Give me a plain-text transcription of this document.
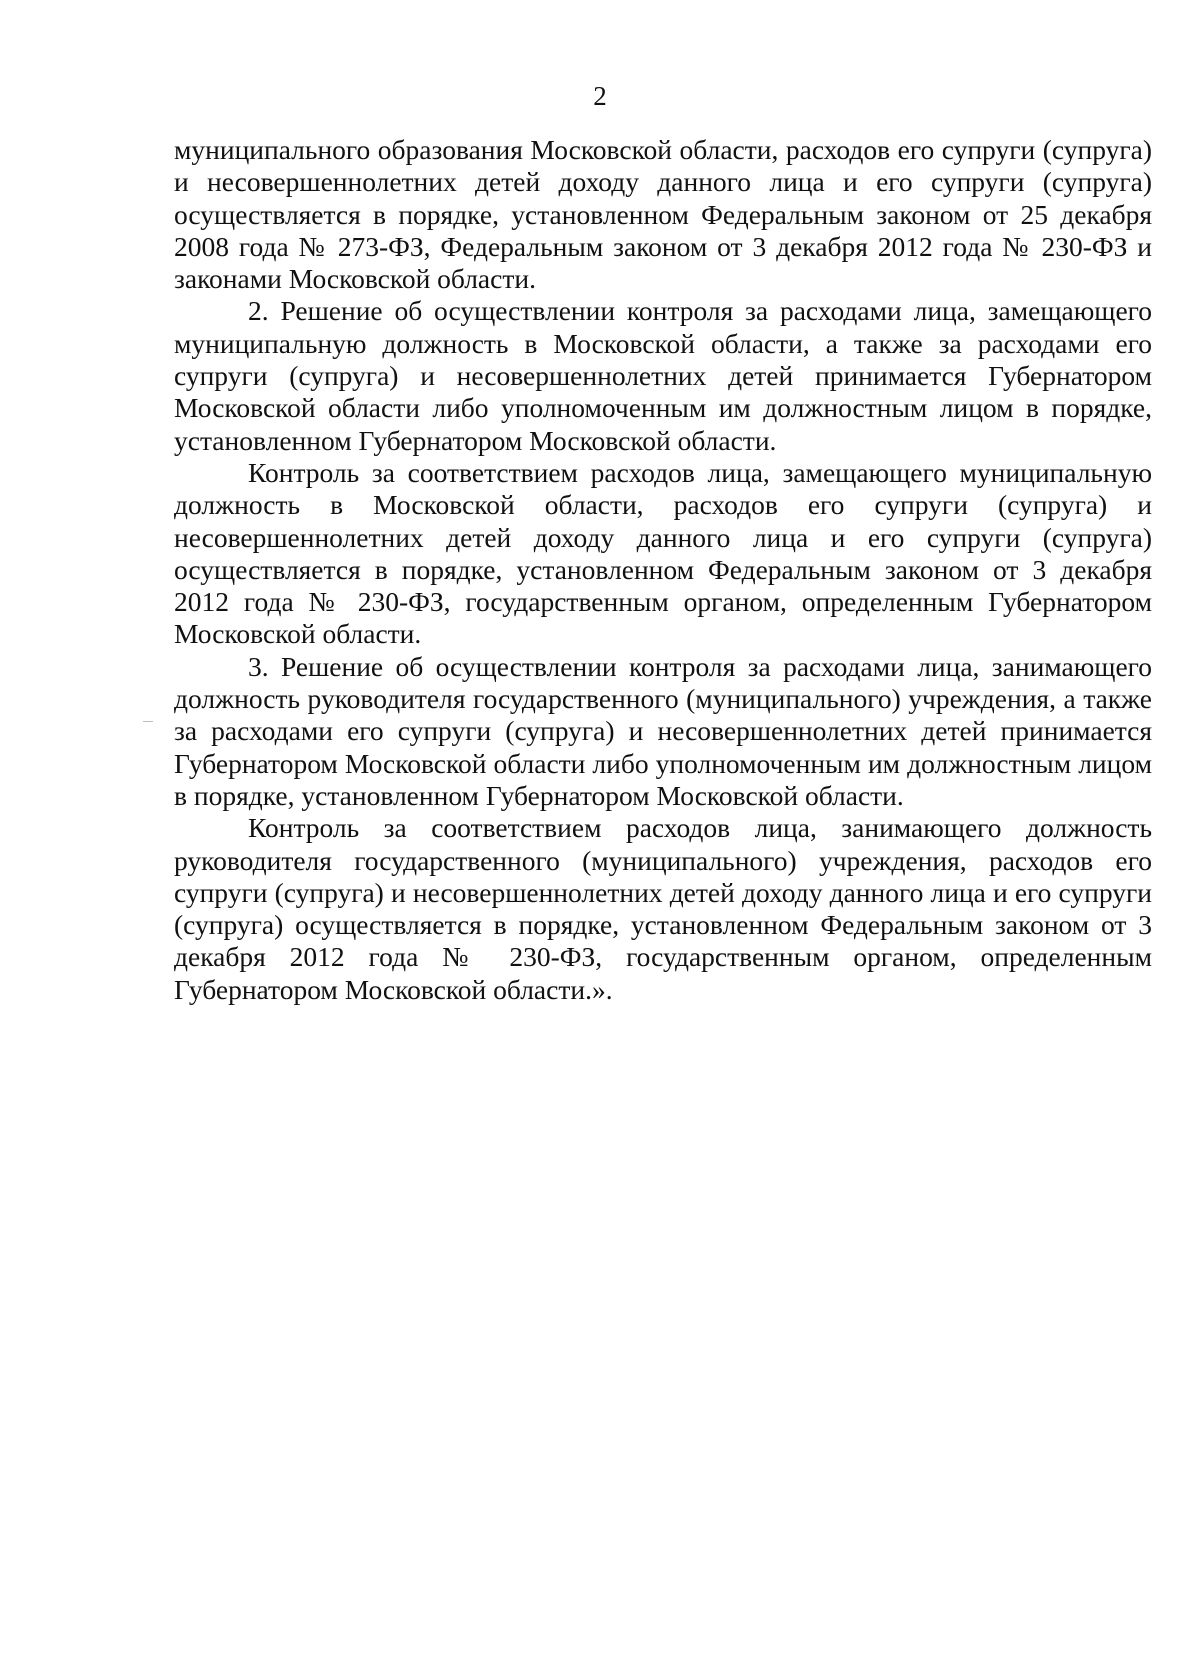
2

муниципального образования Московской области, расходов его супруги (супруга) и несовершеннолетних детей доходу данного лица и его супруги (супруга) осуществляется в порядке, установленном Федеральным законом от 25 декабря 2008 года № 273-ФЗ, Федеральным законом от 3 декабря 2012 года № 230-ФЗ и законами Московской области.

2. Решение об осуществлении контроля за расходами лица, замещающего муниципальную должность в Московской области, а также за расходами его супруги (супруга) и несовершеннолетних детей принимается Губернатором Московской области либо уполномоченным им должностным лицом в порядке, установленном Губернатором Московской области.

Контроль за соответствием расходов лица, замещающего муниципальную должность в Московской области, расходов его супруги (супруга) и несовершеннолетних детей доходу данного лица и его супруги (супруга) осуществляется в порядке, установленном Федеральным законом от 3 декабря 2012 года № 230-ФЗ, государственным органом, определенным Губернатором Московской области.

3. Решение об осуществлении контроля за расходами лица, занимающего должность руководителя государственного (муниципального) учреждения, а также за расходами его супруги (супруга) и несовершеннолетних детей принимается Губернатором Московской области либо уполномоченным им должностным лицом в порядке, установленном Губернатором Московской области.

Контроль за соответствием расходов лица, занимающего должность руководителя государственного (муниципального) учреждения, расходов его супруги (супруга) и несовершеннолетних детей доходу данного лица и его супруги (супруга) осуществляется в порядке, установленном Федеральным законом от 3 декабря 2012 года № 230-ФЗ, государственным органом, определенным Губернатором Московской области.».
